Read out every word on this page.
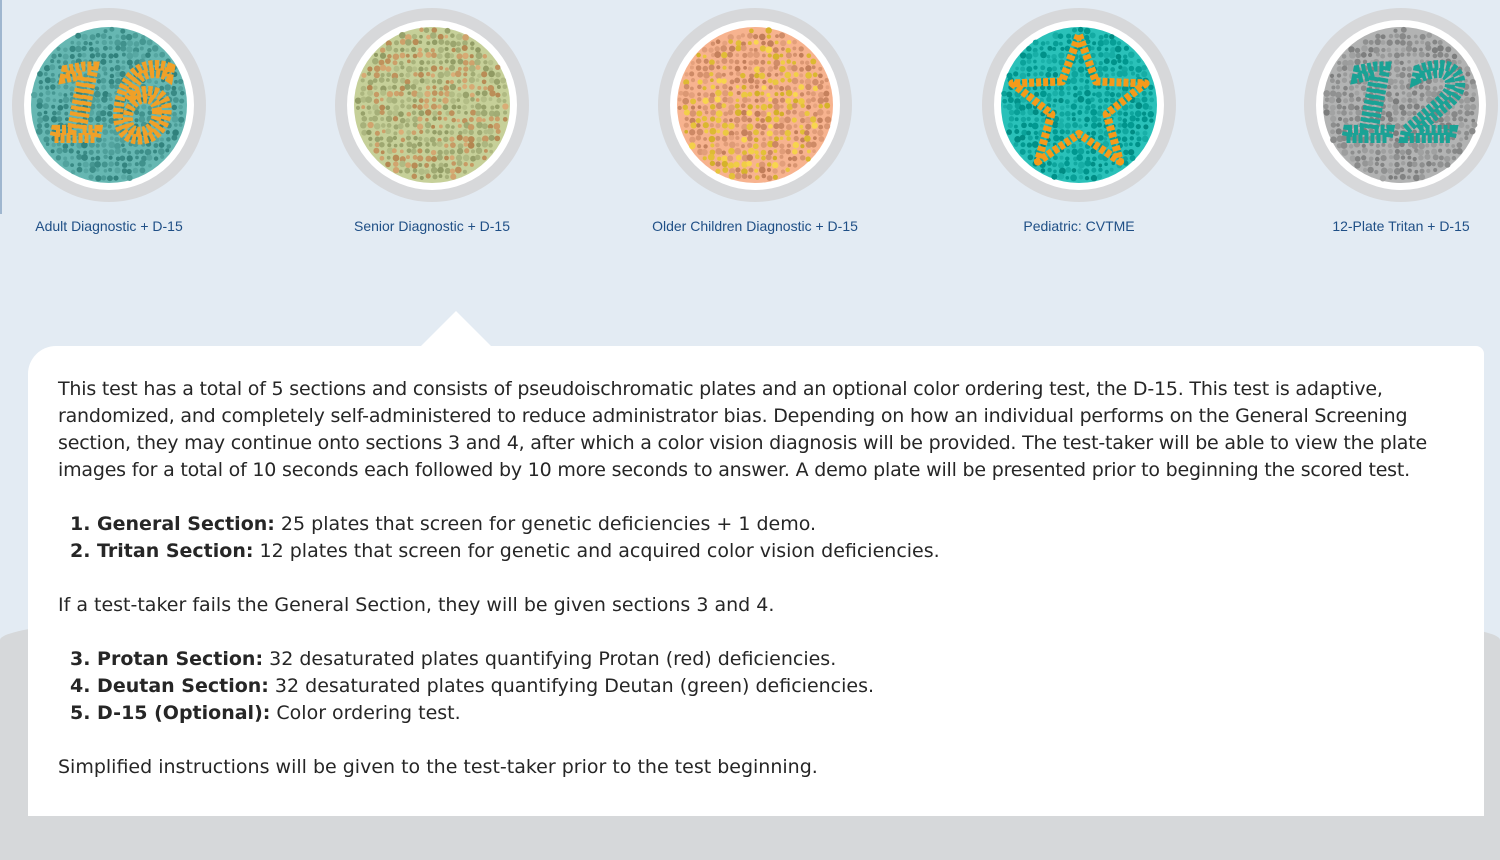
16
Adult Diagnostic + D-15	Senior Diagnostic + D-15	Older Children Diagnostic + D-15	Pediatric: CVTME
12
12-Plate Tritan + D-15

This test has a total of 5 sections and consists of pseudoischromatic plates and an optional color ordering test, the D-15. This test is adaptive, randomized, and completely self-administered to reduce administrator bias. Depending on how an individual performs on the General Screening section, they may continue onto sections 3 and 4, after which a color vision diagnosis will be provided. The test-taker will be able to view the plate images for a total of 10 seconds each followed by 10 more seconds to answer. A demo plate will be presented prior to beginning the scored test.

1. General Section: 25 plates that screen for genetic deficiencies + 1 demo.
2. Tritan Section: 12 plates that screen for genetic and acquired color vision deficiencies.

If a test-taker fails the General Section, they will be given sections 3 and 4.

3. Protan Section: 32 desaturated plates quantifying Protan (red) deficiencies.
4. Deutan Section: 32 desaturated plates quantifying Deutan (green) deficiencies.
5. D-15 (Optional): Color ordering test.

Simplified instructions will be given to the test-taker prior to the test beginning.
